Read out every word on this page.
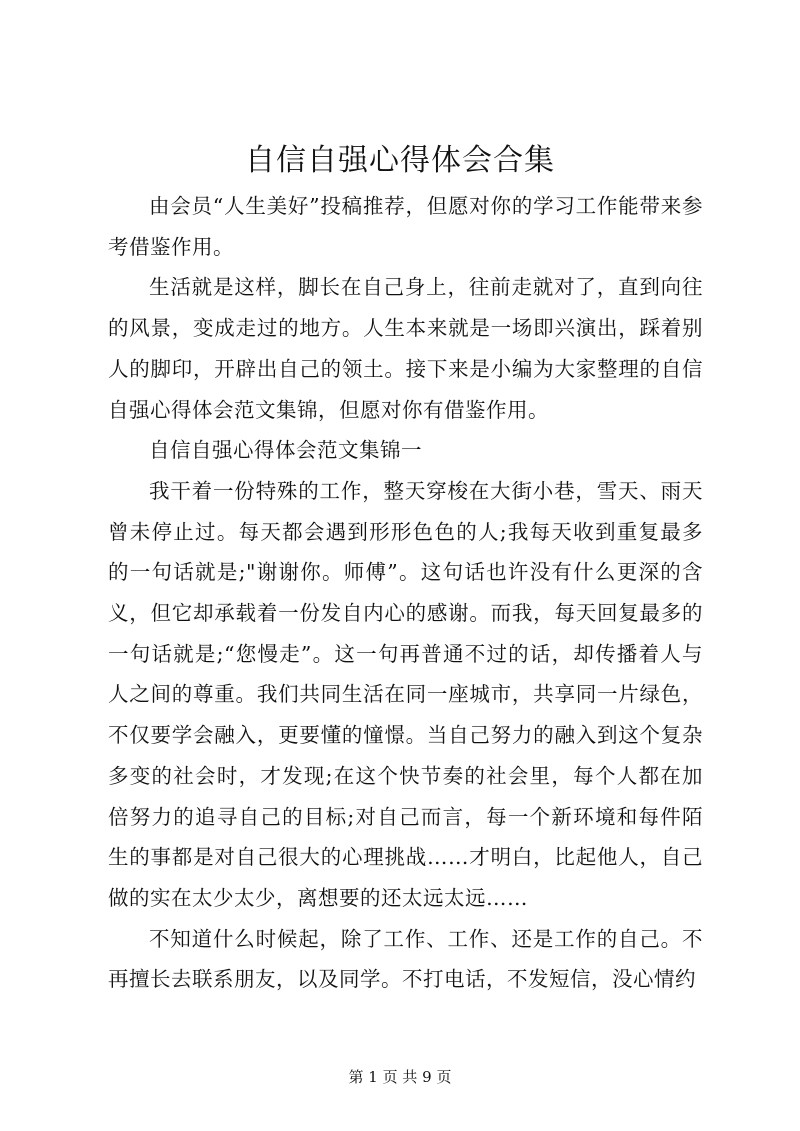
自信自强心得体会合集

由会员“人生美好”投稿推荐，但愿对你的学习工作能带来参考借鉴作用。

生活就是这样，脚长在自己身上，往前走就对了，直到向往的风景，变成走过的地方。人生本来就是一场即兴演出，踩着别人的脚印，开辟出自己的领土。接下来是小编为大家整理的自信自强心得体会范文集锦，但愿对你有借鉴作用。

自信自强心得体会范文集锦一

我干着一份特殊的工作，整天穿梭在大街小巷，雪天、雨天曾未停止过。每天都会遇到形形色色的人;我每天收到重复最多的一句话就是;"谢谢你。师傅”。这句话也许没有什么更深的含义，但它却承载着一份发自内心的感谢。而我，每天回复最多的一句话就是;“您慢走”。这一句再普通不过的话，却传播着人与人之间的尊重。我们共同生活在同一座城市，共享同一片绿色，不仅要学会融入，更要懂的憧憬。当自己努力的融入到这个复杂多变的社会时，才发现;在这个快节奏的社会里，每个人都在加倍努力的追寻自己的目标;对自己而言，每一个新环境和每件陌生的事都是对自己很大的心理挑战……才明白，比起他人，自己做的实在太少太少，离想要的还太远太远……

不知道什么时候起，除了工作、工作、还是工作的自己。不再擅长去联系朋友，以及同学。不打电话，不发短信，没心情约

第 1 页 共 9 页
